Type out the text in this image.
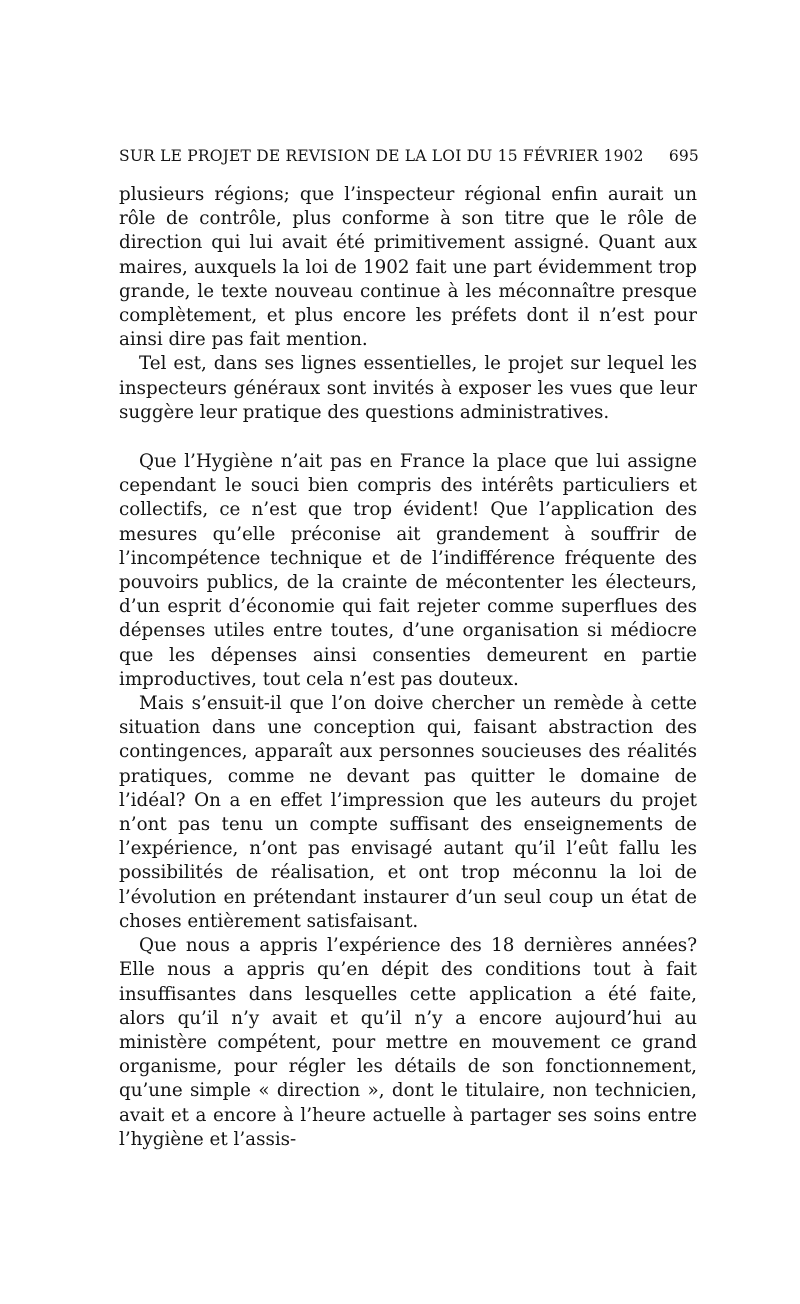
SUR LE PROJET DE REVISION DE LA LOI DU 15 FÉVRIER 1902 695

plusieurs régions; que l’inspecteur régional enfin aurait un rôle de contrôle, plus conforme à son titre que le rôle de direction qui lui avait été primitivement assigné. Quant aux maires, auxquels la loi de 1902 fait une part évidemment trop grande, le texte nouveau continue à les méconnaître presque complètement, et plus encore les préfets dont il n’est pour ainsi dire pas fait mention.

Tel est, dans ses lignes essentielles, le projet sur lequel les inspecteurs généraux sont invités à exposer les vues que leur suggère leur pratique des questions administratives.

Que l’Hygiène n’ait pas en France la place que lui assigne cependant le souci bien compris des intérêts particuliers et collectifs, ce n’est que trop évident! Que l’application des mesures qu’elle préconise ait grandement à souffrir de l’incompétence technique et de l’indifférence fréquente des pouvoirs publics, de la crainte de mécontenter les électeurs, d’un esprit d’économie qui fait rejeter comme superflues des dépenses utiles entre toutes, d’une organisation si médiocre que les dépenses ainsi consenties demeurent en partie improductives, tout cela n’est pas douteux.

Mais s’ensuit-il que l’on doive chercher un remède à cette situation dans une conception qui, faisant abstraction des contingences, apparaît aux personnes soucieuses des réalités pratiques, comme ne devant pas quitter le domaine de l’idéal? On a en effet l’impression que les auteurs du projet n’ont pas tenu un compte suffisant des enseignements de l’expérience, n’ont pas envisagé autant qu’il l’eût fallu les possibilités de réalisation, et ont trop méconnu la loi de l’évolution en prétendant instaurer d’un seul coup un état de choses entièrement satisfaisant.

Que nous a appris l’expérience des 18 dernières années? Elle nous a appris qu’en dépit des conditions tout à fait insuffisantes dans lesquelles cette application a été faite, alors qu’il n’y avait et qu’il n’y a encore aujourd’hui au ministère compétent, pour mettre en mouvement ce grand organisme, pour régler les détails de son fonctionnement, qu’une simple « direction », dont le titulaire, non technicien, avait et a encore à l’heure actuelle à partager ses soins entre l’hygiène et l’assis-
